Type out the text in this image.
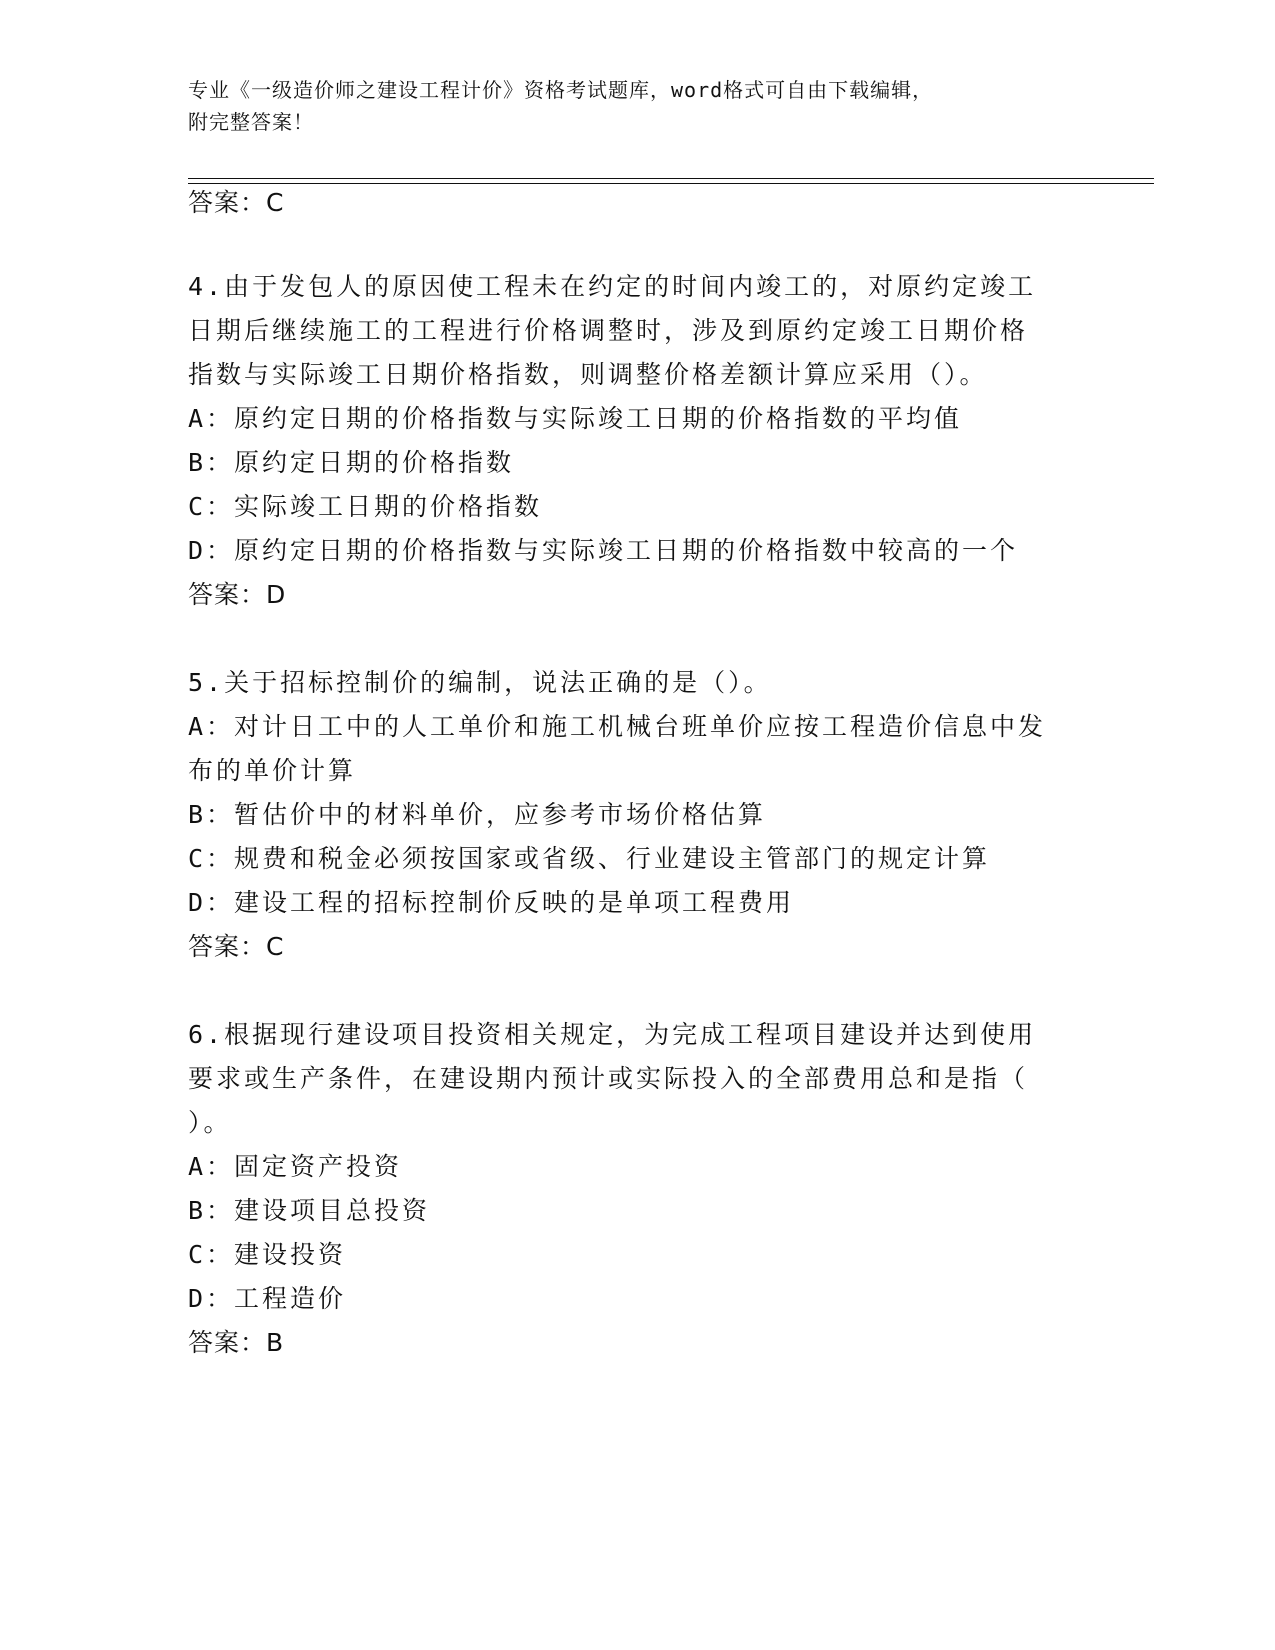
专业《一级造价师之建设工程计价》资格考试题库，word格式可自由下载编辑，
附完整答案！
答案：C
4.由于发包人的原因使工程未在约定的时间内竣工的，对原约定竣工
日期后继续施工的工程进行价格调整时，涉及到原约定竣工日期价格
指数与实际竣工日期价格指数，则调整价格差额计算应采用（）。
A：原约定日期的价格指数与实际竣工日期的价格指数的平均值
B：原约定日期的价格指数
C：实际竣工日期的价格指数
D：原约定日期的价格指数与实际竣工日期的价格指数中较高的一个
答案：D
5.关于招标控制价的编制，说法正确的是（）。
A：对计日工中的人工单价和施工机械台班单价应按工程造价信息中发
布的单价计算
B：暂估价中的材料单价，应参考市场价格估算
C：规费和税金必须按国家或省级、行业建设主管部门的规定计算
D：建设工程的招标控制价反映的是单项工程费用
答案：C
6.根据现行建设项目投资相关规定，为完成工程项目建设并达到使用
要求或生产条件，在建设期内预计或实际投入的全部费用总和是指（
）。
A：固定资产投资
B：建设项目总投资
C：建设投资
D：工程造价
答案：B
